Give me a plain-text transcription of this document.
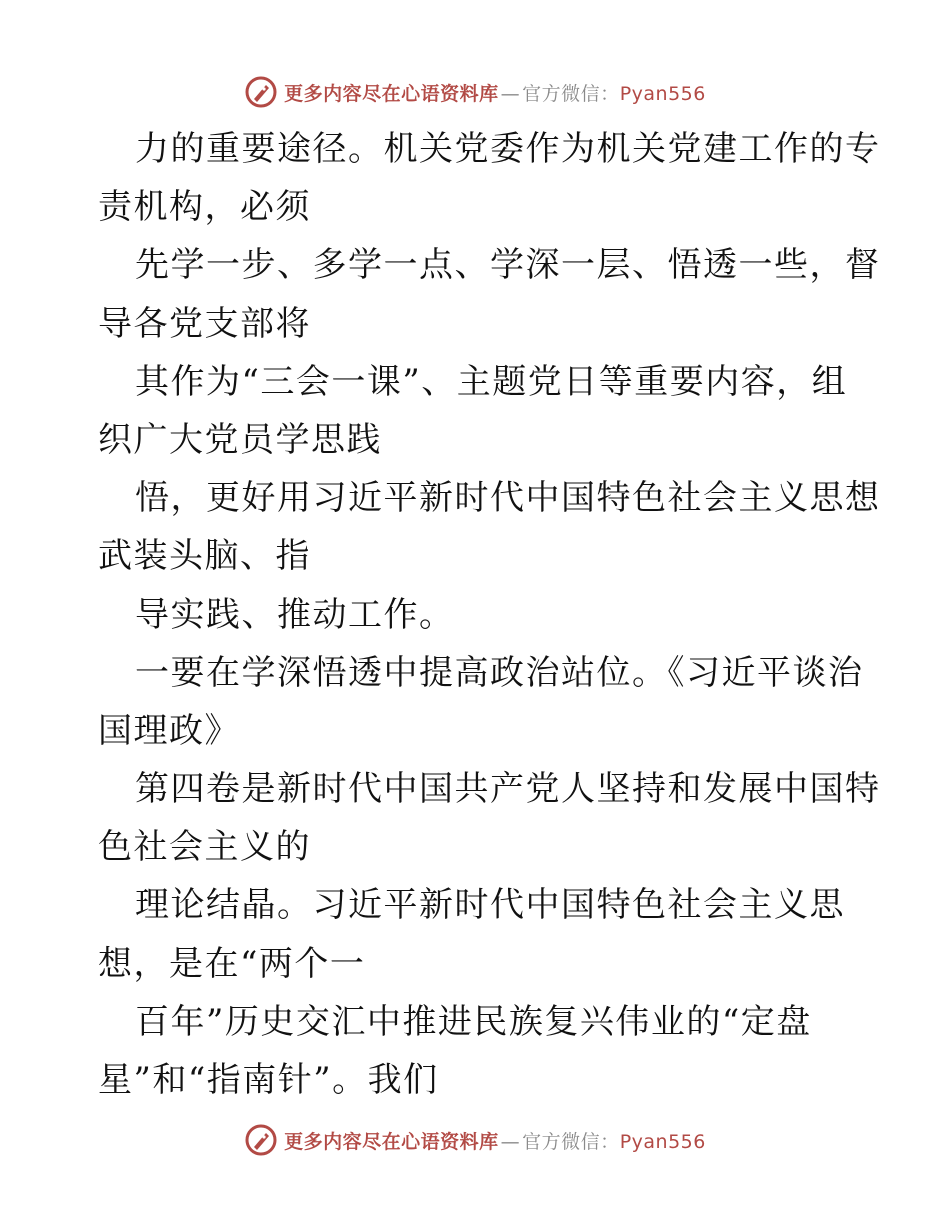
更多内容尽在心语资料库 — 官方微信：Pyan556
力的重要途径。机关党委作为机关党建工作的专
责机构，必须
先学一步、多学一点、学深一层、悟透一些，督
导各党支部将
其作为“三会一课”、主题党日等重要内容，组
织广大党员学思践
悟，更好用习近平新时代中国特色社会主义思想
武装头脑、指
导实践、推动工作。
一要在学深悟透中提高政治站位。《习近平谈治
国理政》
第四卷是新时代中国共产党人坚持和发展中国特
色社会主义的
理论结晶。习近平新时代中国特色社会主义思
想，是在“两个一
百年”历史交汇中推进民族复兴伟业的“定盘
星”和“指南针”。我们
更多内容尽在心语资料库 — 官方微信：Pyan556
